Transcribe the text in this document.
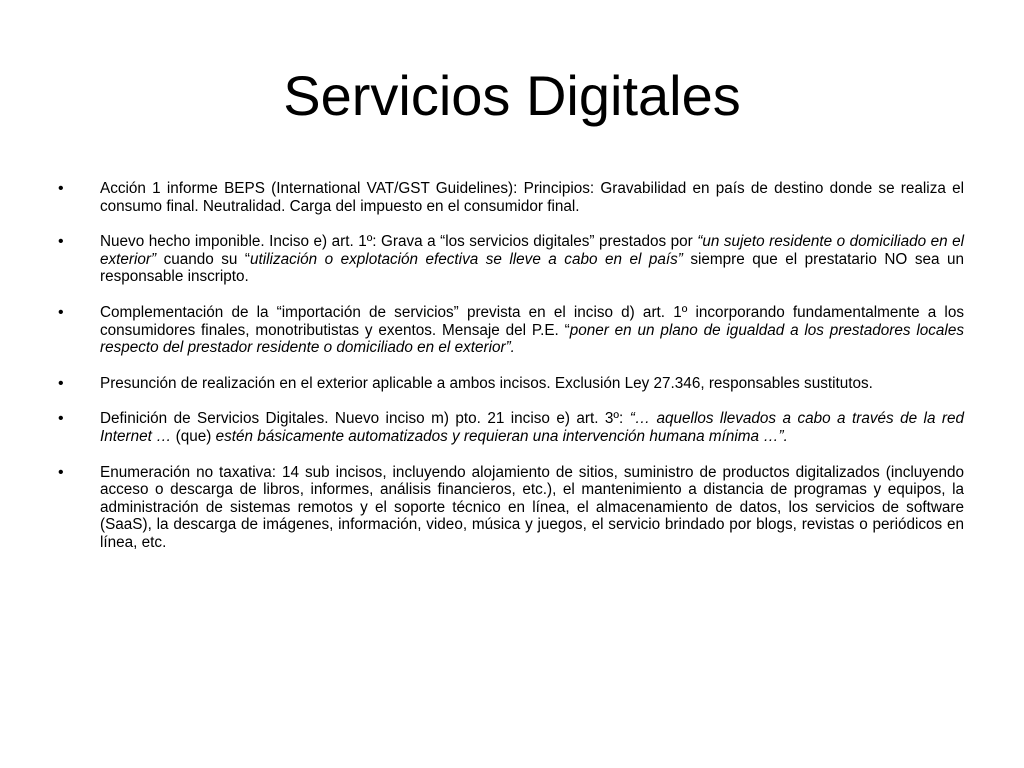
Servicios Digitales
•	Acción 1 informe BEPS (International VAT/GST Guidelines): Principios: Gravabilidad en país de destino donde se realiza el consumo final. Neutralidad. Carga del impuesto en el consumidor final.
•	Nuevo hecho imponible. Inciso e) art. 1º: Grava a “los servicios digitales” prestados por “un sujeto residente o domiciliado en el exterior” cuando su “utilización o explotación efectiva se lleve a cabo en el país” siempre que el prestatario NO sea un responsable inscripto.
•	Complementación de la “importación de servicios” prevista en el inciso d) art. 1º incorporando fundamentalmente a los consumidores finales, monotributistas y exentos. Mensaje del P.E. “poner en un plano de igualdad a los prestadores locales respecto del prestador residente o domiciliado en el exterior”.
•	Presunción de realización en el exterior aplicable a ambos incisos. Exclusión Ley 27.346, responsables sustitutos.
•	Definición de Servicios Digitales. Nuevo inciso m) pto. 21 inciso e) art. 3º: “… aquellos llevados a cabo a través de la red Internet … (que) estén básicamente automatizados y requieran una intervención humana mínima …”.
•	Enumeración no taxativa: 14 sub incisos, incluyendo alojamiento de sitios, suministro de productos digitalizados (incluyendo acceso o descarga de libros, informes, análisis financieros, etc.), el mantenimiento a distancia de programas y equipos, la administración de sistemas remotos y el soporte técnico en línea, el almacenamiento de datos, los servicios de software (SaaS), la descarga de imágenes, información, video, música y juegos, el servicio brindado por blogs, revistas o periódicos en línea, etc.
